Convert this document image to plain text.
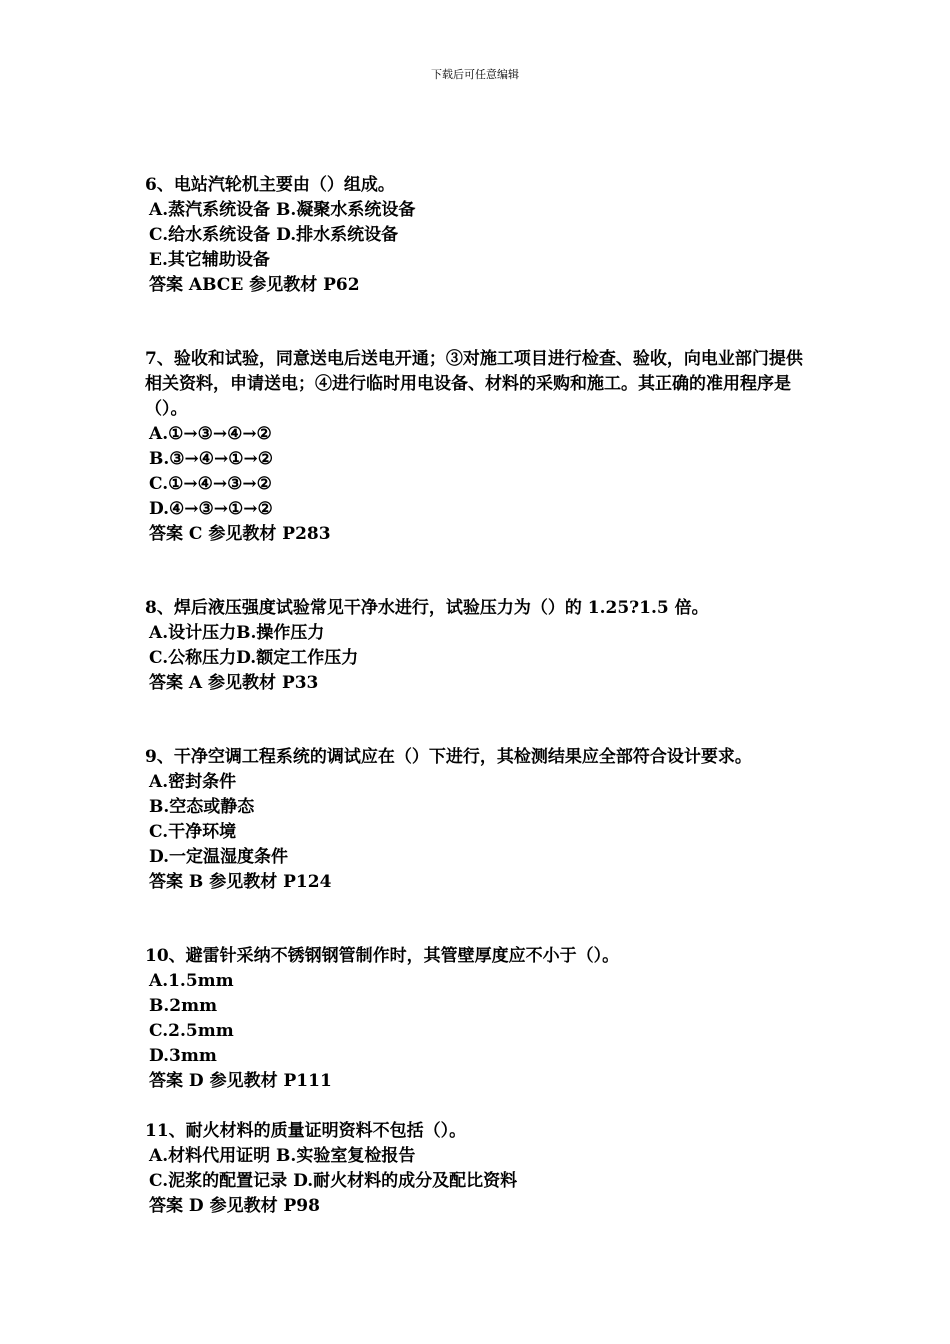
下载后可任意编辑
6、电站汽轮机主要由（）组成。
A.蒸汽系统设备 B.凝聚水系统设备
C.给水系统设备 D.排水系统设备
E.其它辅助设备
答案 ABCE 参见教材 P62
7、验收和试验，同意送电后送电开通；③对施工项目进行检查、验收，向电业部门提供相关资料，申请送电；④进行临时用电设备、材料的采购和施工。其正确的准用程序是（）。
A.①→③→④→②
B.③→④→①→②
C.①→④→③→②
D.④→③→①→②
答案 C 参见教材 P283
8、焊后液压强度试验常见干净水进行，试验压力为（）的 1.25?1.5 倍。
A.设计压力B.操作压力
C.公称压力D.额定工作压力
答案 A 参见教材 P33
9、干净空调工程系统的调试应在（）下进行，其检测结果应全部符合设计要求。
A.密封条件
B.空态或静态
C.干净环境
D.一定温湿度条件
答案 B 参见教材 P124
10、避雷针采纳不锈钢钢管制作时，其管壁厚度应不小于（）。
A.1.5mm
B.2mm
C.2.5mm
D.3mm
答案 D 参见教材 P111
11、耐火材料的质量证明资料不包括（）。
A.材料代用证明 B.实验室复检报告
C.泥浆的配置记录 D.耐火材料的成分及配比资料
答案 D 参见教材 P98
